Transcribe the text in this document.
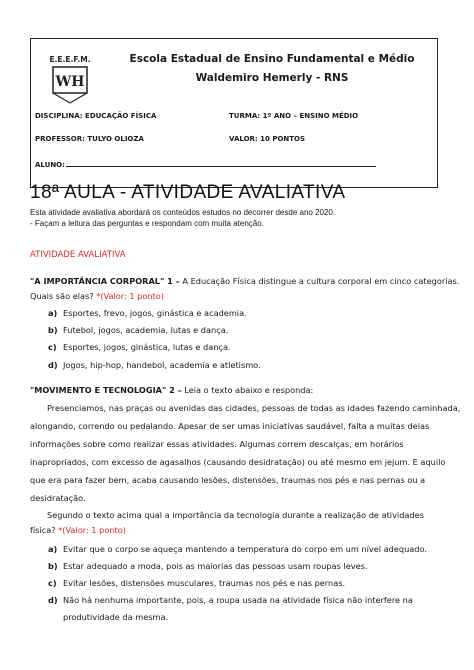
E.E.E.F.M.
WH
Escola Estadual de Ensino Fundamental e Médio
Waldemiro Hemerly - RNS
DISCIPLINA: EDUCAÇÃO FÍSICA	TURMA: 1º ANO – ENSINO MÉDIO
PROFESSOR: TULYO OLIOZA	VALOR: 10 PONTOS
ALUNO:
18ª AULA - ATIVIDADE AVALIATIVA
Esta atividade avaliativa abordará os conteúdos estudos no decorrer desde ano 2020.
- Façam a leitura das perguntas e respondam com muita atenção.
ATIVIDADE AVALIATIVA
"A IMPORTÂNCIA CORPORAL" 1 – A Educação Física distingue a cultura corporal em cinco categorias.
Quais são elas? *(Valor: 1 ponto)
a) Esportes, frevo, jogos, ginástica e academia.
b) Futebol, jogos, academia, lutas e dança.
c) Esportes, jogos, ginástica, lutas e dança.
d) Jogos, hip-hop, handebol, academia e atletismo.
"MOVIMENTO E TECNOLOGIA" 2 – Leia o texto abaixo e responda:
Presenciamos, nas praças ou avenidas das cidades, pessoas de todas as idades fazendo caminhada,
alongando, correndo ou pedalando. Apesar de ser umas iniciativas saudável, falta a muitas delas
informações sobre como realizar essas atividades. Algumas correm descalças, em horários
inapropriados, com excesso de agasalhos (causando desidratação) ou até mesmo em jejum. E aquilo
que era para fazer bem, acaba causando lesões, distensões, traumas nos pés e nas pernas ou a
desidratação.
Segundo o texto acima qual a importância da tecnologia durante a realização de atividades
física? *(Valor: 1 ponto)
a) Evitar que o corpo se aqueça mantendo a temperatura do corpo em um nível adequado.
b) Estar adequado a moda, pois as maiorias das pessoas usam roupas leves.
c) Evitar lesões, distensões musculares, traumas nos pés e nas pernas.
d) Não há nenhuma importante, pois, a roupa usada na atividade física não interfere na
produtividade da mesma.
